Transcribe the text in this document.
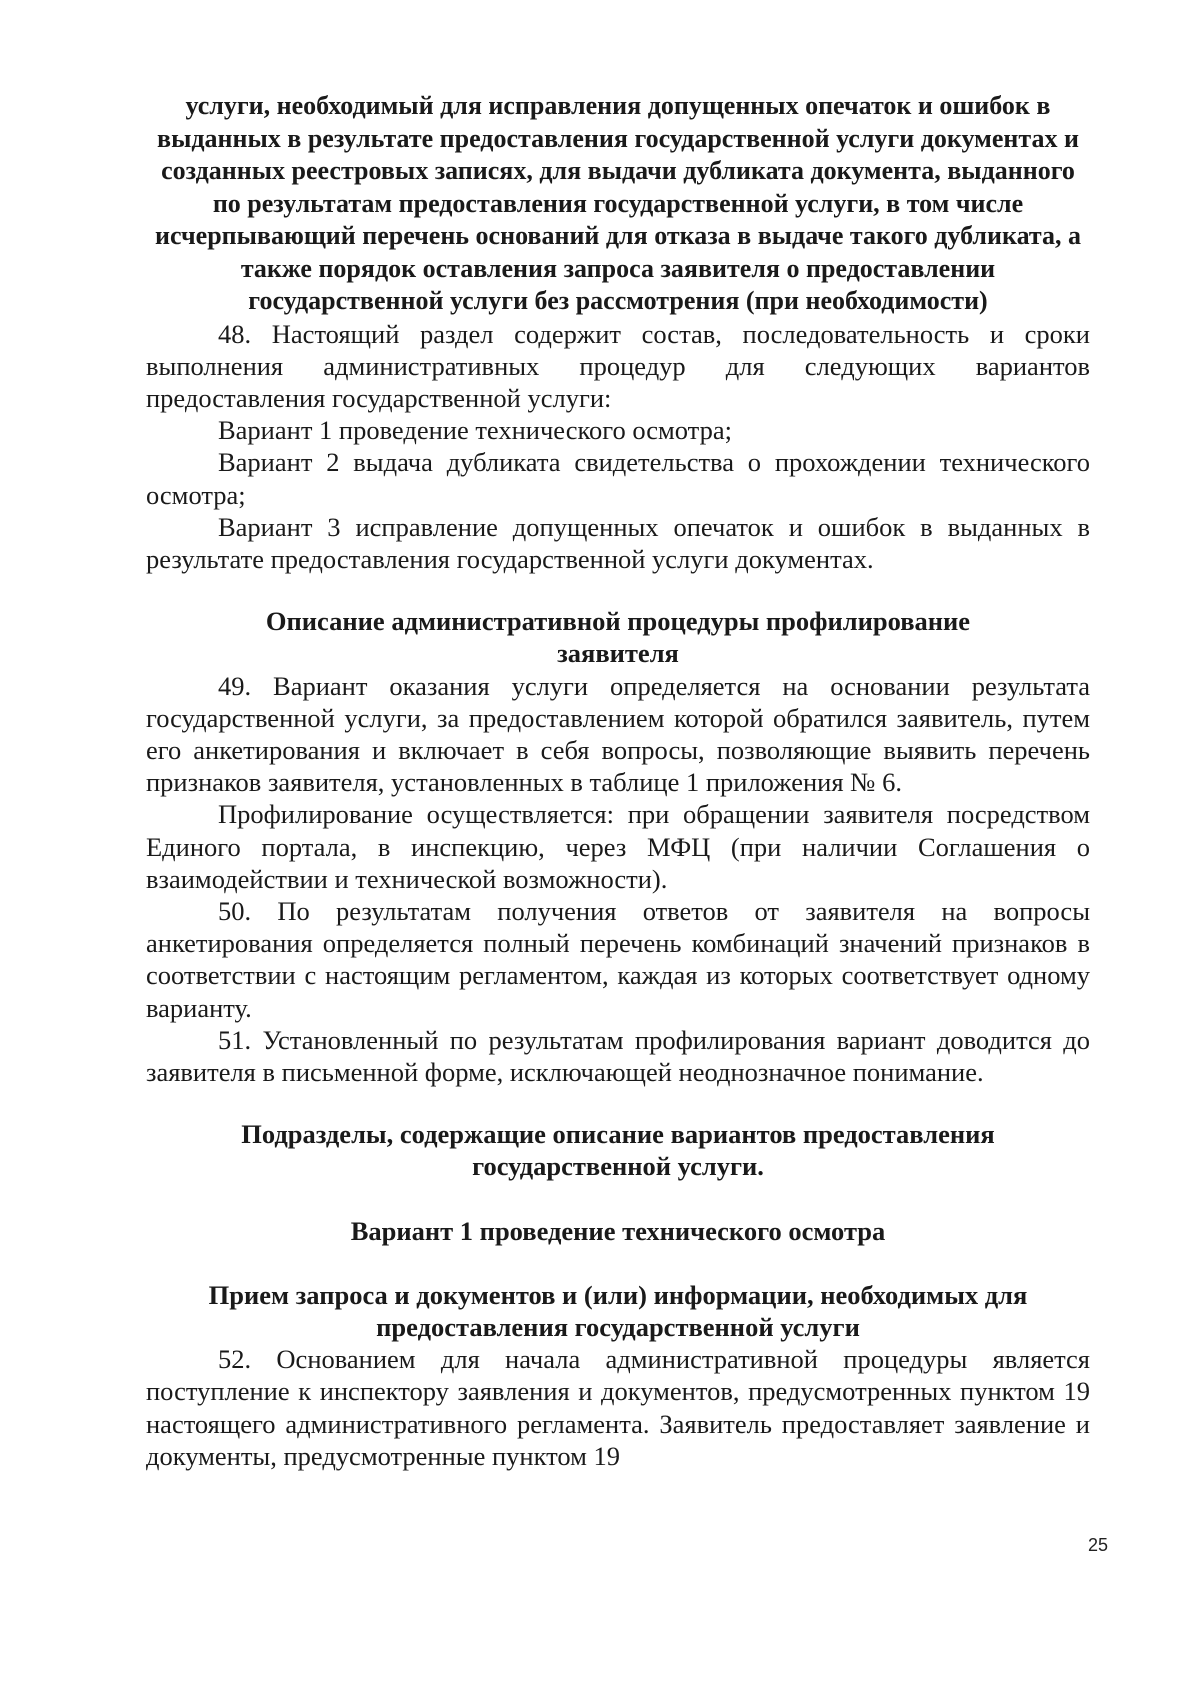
услуги, необходимый для исправления допущенных опечаток и ошибок в выданных в результате предоставления государственной услуги документах и созданных реестровых записях, для выдачи дубликата документа, выданного по результатам предоставления государственной услуги, в том числе исчерпывающий перечень оснований для отказа в выдаче такого дубликата, а также порядок оставления запроса заявителя о предоставлении государственной услуги без рассмотрения (при необходимости)

48. Настоящий раздел содержит состав, последовательность и сроки выполнения административных процедур для следующих вариантов предоставления государственной услуги:

Вариант 1 проведение технического осмотра;

Вариант 2 выдача дубликата свидетельства о прохождении технического осмотра;

Вариант 3 исправление допущенных опечаток и ошибок в выданных в результате предоставления государственной услуги документах.

Описание административной процедуры профилирование заявителя

49. Вариант оказания услуги определяется на основании результата государственной услуги, за предоставлением которой обратился заявитель, путем его анкетирования и включает в себя вопросы, позволяющие выявить перечень признаков заявителя, установленных в таблице 1 приложения № 6.

Профилирование осуществляется: при обращении заявителя посредством Единого портала, в инспекцию, через МФЦ (при наличии Соглашения о взаимодействии и технической возможности).

50. По результатам получения ответов от заявителя на вопросы анкетирования определяется полный перечень комбинаций значений признаков в соответствии с настоящим регламентом, каждая из которых соответствует одному варианту.

51. Установленный по результатам профилирования вариант доводится до заявителя в письменной форме, исключающей неоднозначное понимание.

Подразделы, содержащие описание вариантов предоставления государственной услуги.

Вариант 1 проведение технического осмотра

Прием запроса и документов и (или) информации, необходимых для предоставления государственной услуги

52. Основанием для начала административной процедуры является поступление к инспектору заявления и документов, предусмотренных пунктом 19 настоящего административного регламента. Заявитель предоставляет заявление и документы, предусмотренные пунктом 19

25
